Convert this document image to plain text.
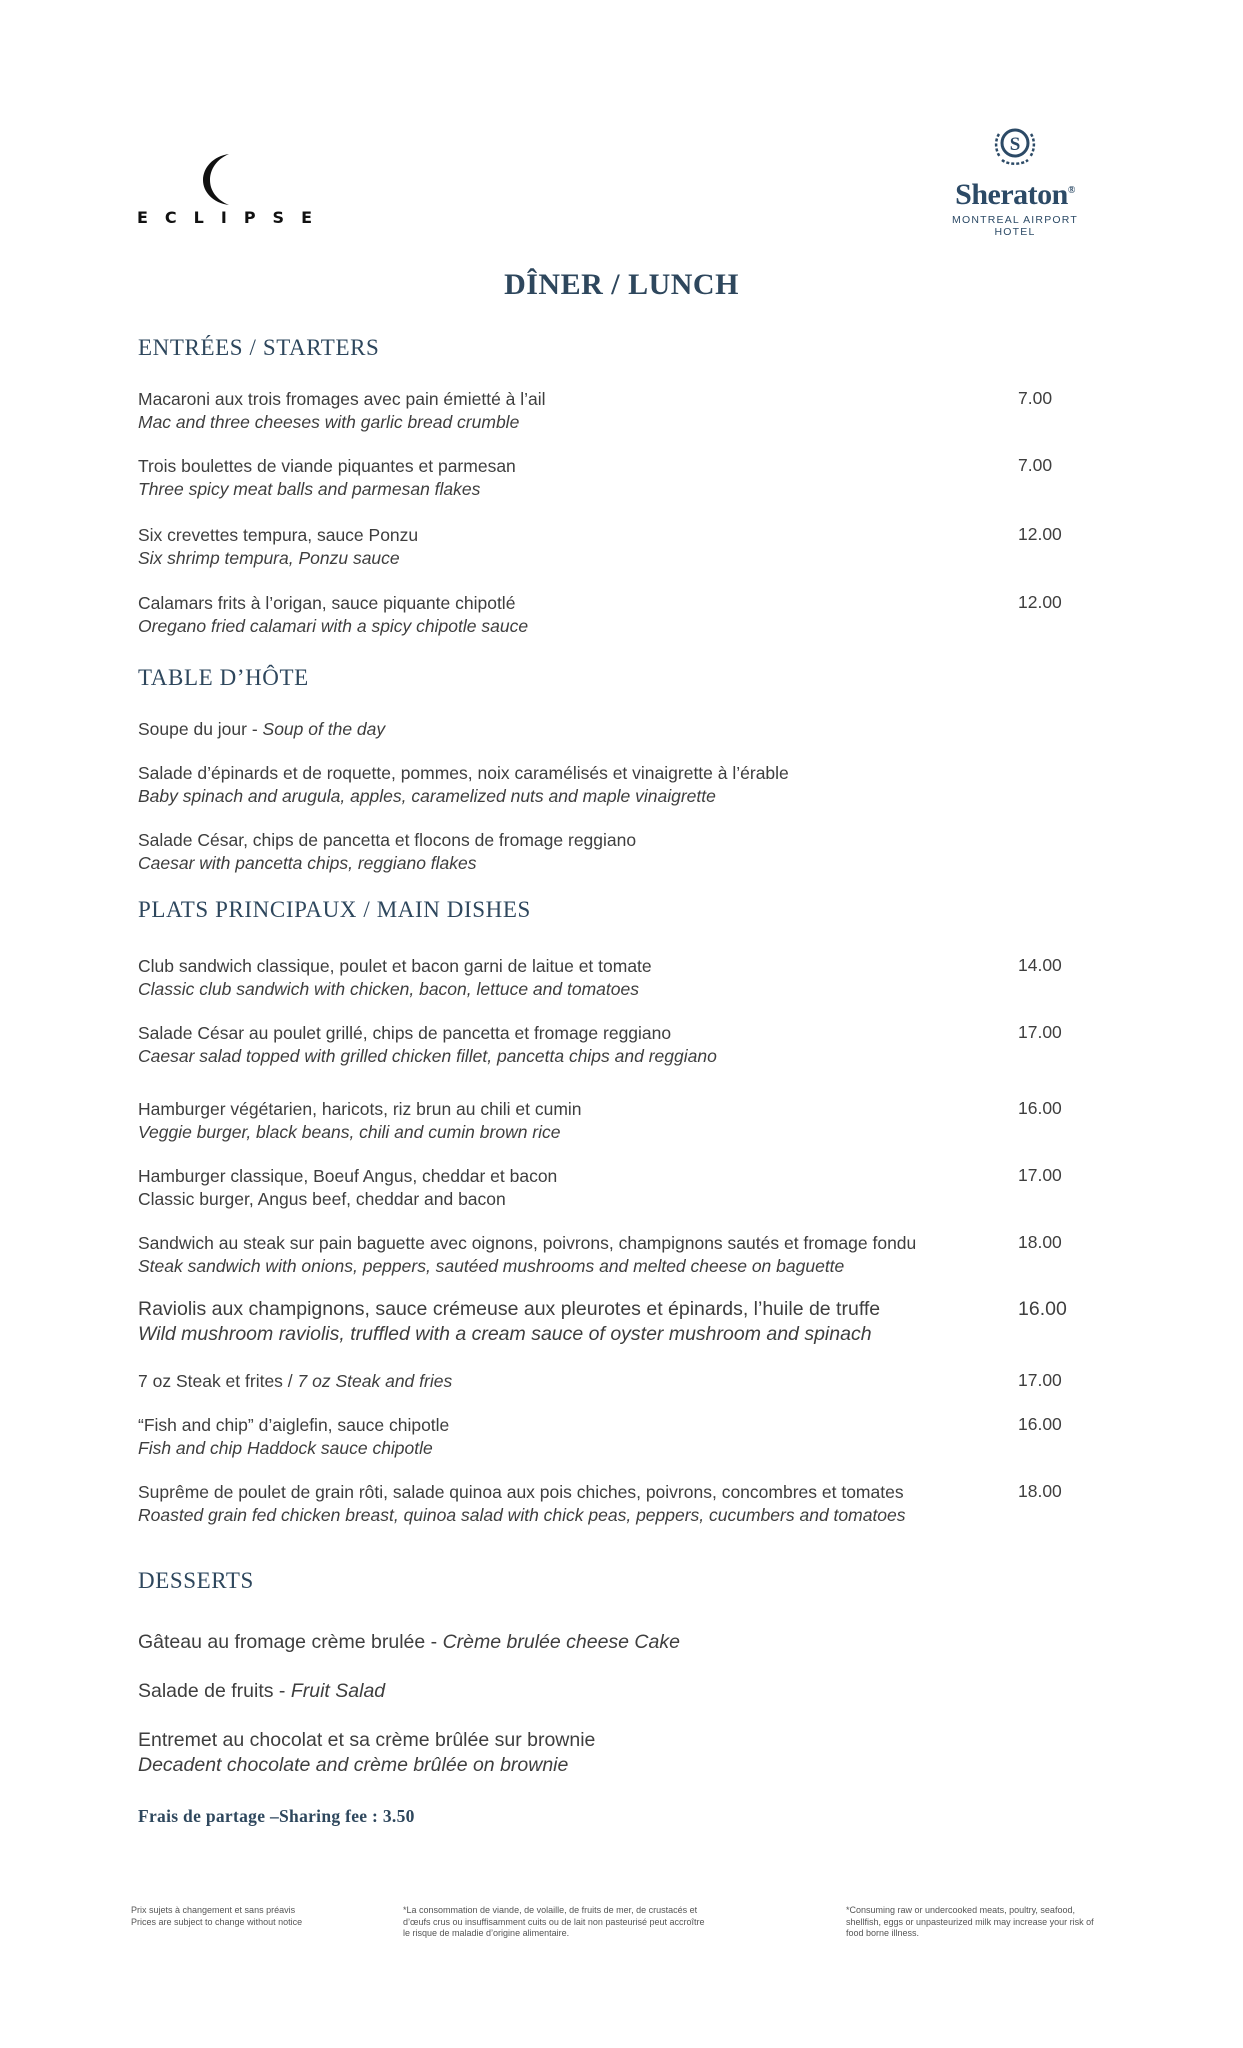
ECLIPSE
S
Sheraton®
MONTREAL AIRPORT HOTEL
DÎNER / LUNCH
ENTRÉES / STARTERS
Macaroni aux trois fromages avec pain émietté à l’ail
Mac and three cheeses with garlic bread crumble
7.00
Trois boulettes de viande piquantes et parmesan
Three spicy meat balls and parmesan flakes
7.00
Six crevettes tempura, sauce Ponzu
Six shrimp tempura, Ponzu sauce
12.00
Calamars frits à l’origan, sauce piquante chipotlé
Oregano fried calamari with a spicy chipotle sauce
12.00
TABLE D’HÔTE
Soupe du jour - Soup of the day
Salade d’épinards et de roquette, pommes, noix caramélisés et vinaigrette à l’érable
Baby spinach and arugula, apples, caramelized nuts and maple vinaigrette
Salade César, chips de pancetta et flocons de fromage reggiano
Caesar with pancetta chips, reggiano flakes
PLATS PRINCIPAUX / MAIN DISHES
Club sandwich classique, poulet et bacon garni de laitue et tomate
Classic club sandwich with chicken, bacon, lettuce and tomatoes
14.00
Salade César au poulet grillé, chips de pancetta et fromage reggiano
Caesar salad topped with grilled chicken fillet, pancetta chips and reggiano
17.00
Hamburger végétarien, haricots, riz brun au chili et cumin
Veggie burger, black beans, chili and cumin brown rice
16.00
Hamburger classique, Boeuf Angus, cheddar et bacon
Classic burger, Angus beef, cheddar and bacon
17.00
Sandwich au steak sur pain baguette avec oignons, poivrons, champignons sautés et fromage fondu
Steak sandwich with onions, peppers, sautéed mushrooms and melted cheese on baguette
18.00
Raviolis aux champignons, sauce crémeuse aux pleurotes et épinards, l’huile de truffe
Wild mushroom raviolis, truffled with a cream sauce of oyster mushroom and spinach
16.00
7 oz Steak et frites / 7 oz Steak and fries	17.00
“Fish and chip” d’aiglefin, sauce chipotle
Fish and chip Haddock sauce chipotle
16.00
Suprême de poulet de grain rôti, salade quinoa aux pois chiches, poivrons, concombres et tomates
Roasted grain fed chicken breast, quinoa salad with chick peas, peppers, cucumbers and tomatoes
18.00
DESSERTS
Gâteau au fromage crème brulée - Crème brulée cheese Cake
Salade de fruits - Fruit Salad
Entremet au chocolat et sa crème brûlée sur brownie
Decadent chocolate and crème brûlée on brownie
Frais de partage –Sharing fee : 3.50
Prix sujets à changement et sans préavis
Prices are subject to change without notice
*La consommation de viande, de volaille, de fruits de mer, de crustacés et
d’œufs crus ou insuffisamment cuits ou de lait non pasteurisé peut accroître
le risque de maladie d’origine alimentaire.
*Consuming raw or undercooked meats, poultry, seafood,
shellfish, eggs or unpasteurized milk may increase your risk of
food borne illness.
